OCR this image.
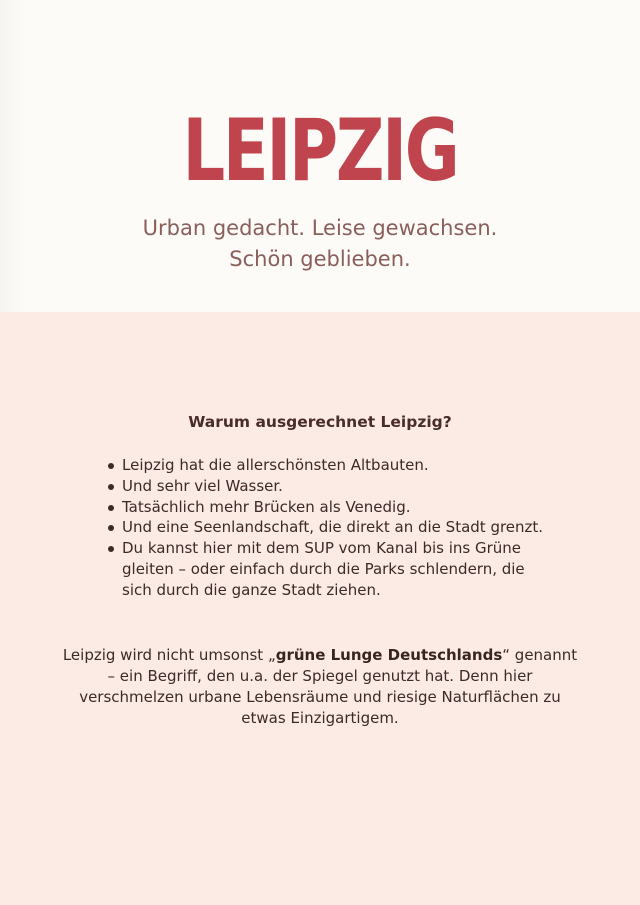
LEIPZIG
Urban gedacht. Leise gewachsen.
Schön geblieben.
Warum ausgerechnet Leipzig?
Leipzig hat die allerschönsten Altbauten.
Und sehr viel Wasser.
Tatsächlich mehr Brücken als Venedig.
Und eine Seenlandschaft, die direkt an die Stadt grenzt.
Du kannst hier mit dem SUP vom Kanal bis ins Grüne gleiten – oder einfach durch die Parks schlendern, die sich durch die ganze Stadt ziehen.
Leipzig wird nicht umsonst „grüne Lunge Deutschlands“ genannt – ein Begriff, den u.a. der Spiegel genutzt hat. Denn hier verschmelzen urbane Lebensräume und riesige Naturflächen zu etwas Einzigartigem.
